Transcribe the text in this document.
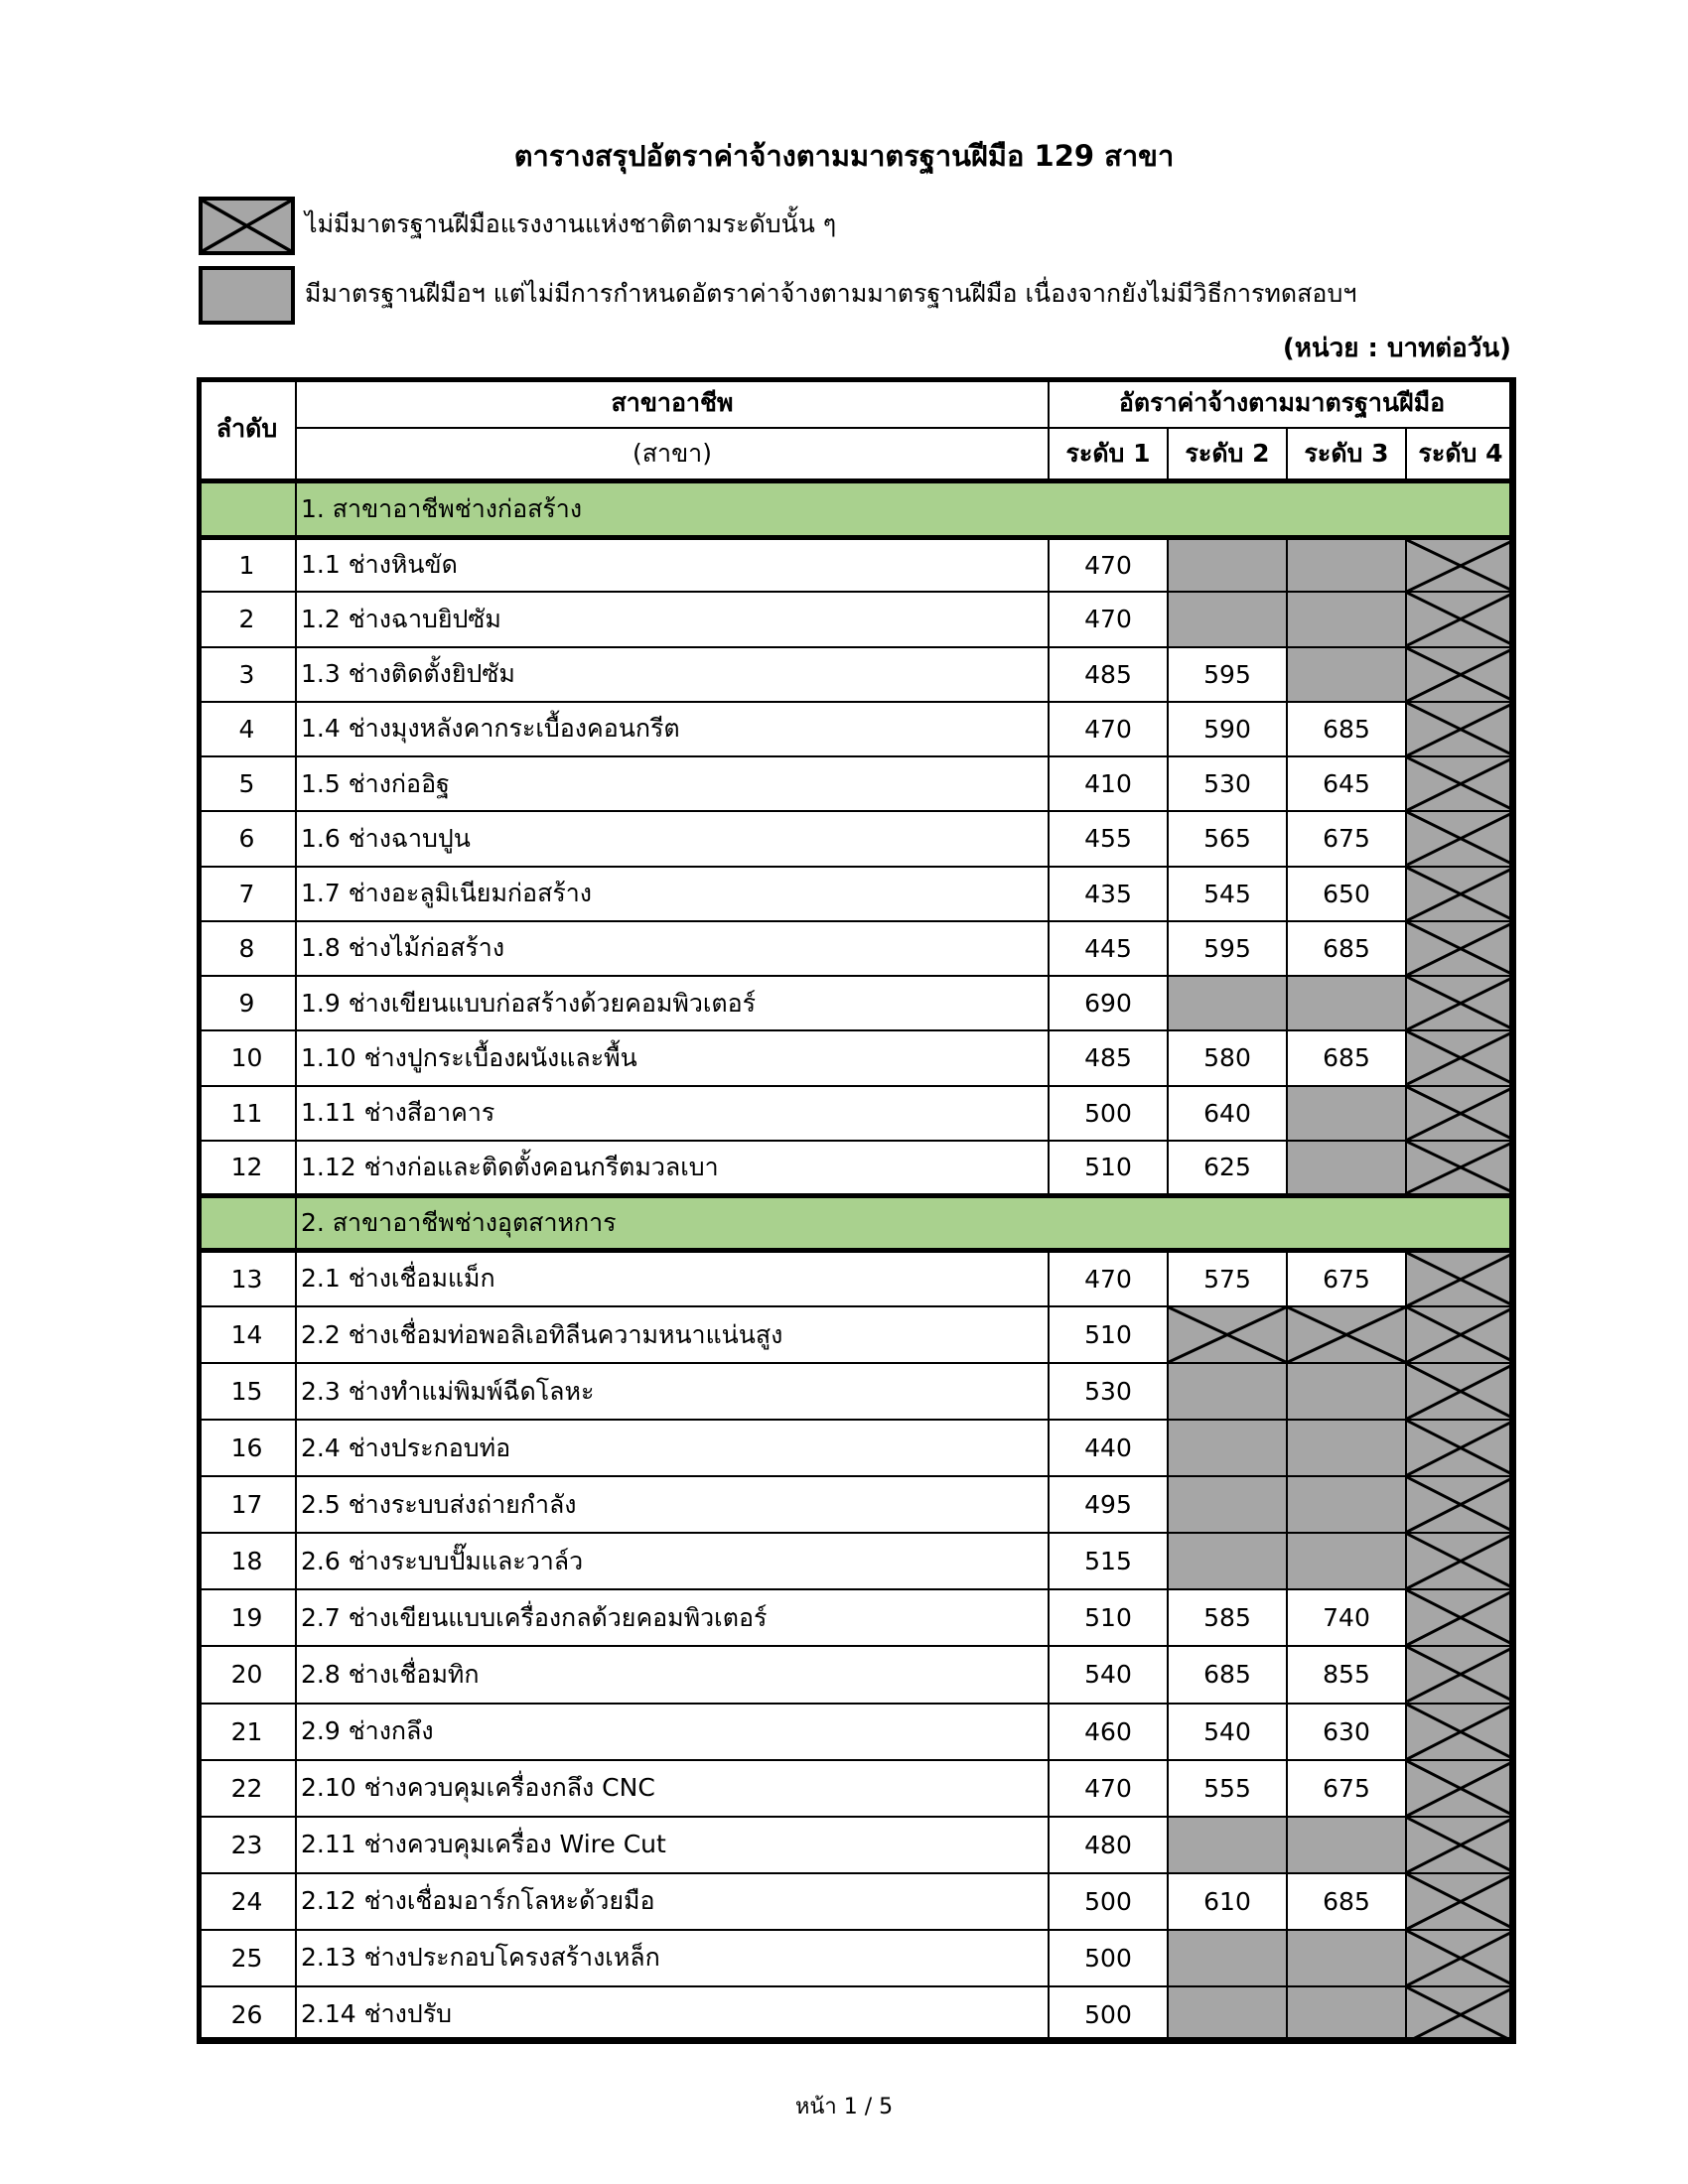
ตารางสรุปอัตราค่าจ้างตามมาตรฐานฝีมือ 129 สาขา
ไม่มีมาตรฐานฝีมือแรงงานแห่งชาติตามระดับนั้น ๆ
มีมาตรฐานฝีมือฯ แต่ไม่มีการกำหนดอัตราค่าจ้างตามมาตรฐานฝีมือ เนื่องจากยังไม่มีวิธีการทดสอบฯ
(หน่วย : บาทต่อวัน)
ลำดับ	สาขาอาชีพ	อัตราค่าจ้างตามมาตรฐานฝีมือ			
	(สาขา)	ระดับ 1	ระดับ 2	ระดับ 3	ระดับ 4
	1. สาขาอาชีพช่างก่อสร้าง				
1	1.1 ช่างหินขัด	470			

2	1.2 ช่างฉาบยิปซัม	470			

3	1.3 ช่างติดตั้งยิปซัม	485	595		

4	1.4 ช่างมุงหลังคากระเบื้องคอนกรีต	470	590	685	

5	1.5 ช่างก่ออิฐ	410	530	645	

6	1.6 ช่างฉาบปูน	455	565	675	

7	1.7 ช่างอะลูมิเนียมก่อสร้าง	435	545	650	

8	1.8 ช่างไม้ก่อสร้าง	445	595	685	

9	1.9 ช่างเขียนแบบก่อสร้างด้วยคอมพิวเตอร์	690			

10	1.10 ช่างปูกระเบื้องผนังและพื้น	485	580	685	

11	1.11 ช่างสีอาคาร	500	640		

12	1.12 ช่างก่อและติดตั้งคอนกรีตมวลเบา	510	625		

	2. สาขาอาชีพช่างอุตสาหการ				
13	2.1 ช่างเชื่อมแม็ก	470	575	675	

14	2.2 ช่างเชื่อมท่อพอลิเอทิลีนความหนาแน่นสูง	510	

15	2.3 ช่างทำแม่พิมพ์ฉีดโลหะ	530			

16	2.4 ช่างประกอบท่อ	440			

17	2.5 ช่างระบบส่งถ่ายกำลัง	495			

18	2.6 ช่างระบบปั๊มและวาล์ว	515			

19	2.7 ช่างเขียนแบบเครื่องกลด้วยคอมพิวเตอร์	510	585	740	

20	2.8 ช่างเชื่อมทิก	540	685	855	

21	2.9 ช่างกลึง	460	540	630	

22	2.10 ช่างควบคุมเครื่องกลึง CNC	470	555	675	

23	2.11 ช่างควบคุมเครื่อง Wire Cut	480			

24	2.12 ช่างเชื่อมอาร์กโลหะด้วยมือ	500	610	685	

25	2.13 ช่างประกอบโครงสร้างเหล็ก	500			

26	2.14 ช่างปรับ	500			
หน้า 1 / 5
